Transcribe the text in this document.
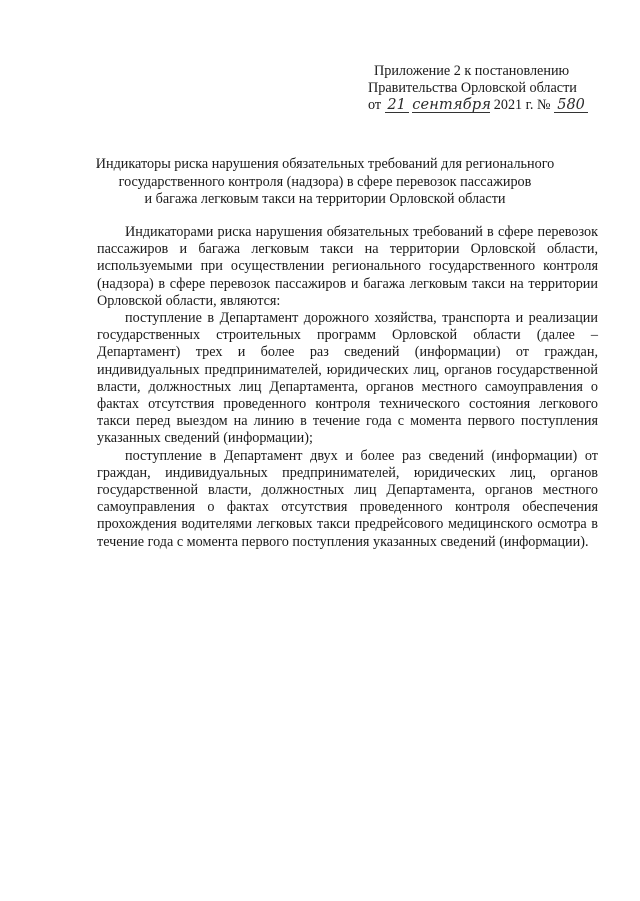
Приложение 2 к постановлению
Правительства Орловской области
от 21 сентября 2021 г. № 580
Индикаторы риска нарушения обязательных требований для регионального
государственного контроля (надзора) в сфере перевозок пассажиров
и багажа легковым такси на территории Орловской области

Индикаторами риска нарушения обязательных требований в сфере перевозок пассажиров и багажа легковым такси на территории Орловской области, используемыми при осуществлении регионального государственного контроля (надзора) в сфере перевозок пассажиров и багажа легковым такси на территории Орловской области, являются:

поступление в Департамент дорожного хозяйства, транспорта и реализации государственных строительных программ Орловской области (далее – Департамент) трех и более раз сведений (информации) от граждан, индивидуальных предпринимателей, юридических лиц, органов государственной власти, должностных лиц Департамента, органов местного самоуправления о фактах отсутствия проведенного контроля технического состояния легкового такси перед выездом на линию в течение года с момента первого поступления указанных сведений (информации);

поступление в Департамент двух и более раз сведений (информации) от граждан, индивидуальных предпринимателей, юридических лиц, органов государственной власти, должностных лиц Департамента, органов местного самоуправления о фактах отсутствия проведенного контроля обеспечения прохождения водителями легковых такси предрейсового медицинского осмотра в течение года с момента первого поступления указанных сведений (информации).
